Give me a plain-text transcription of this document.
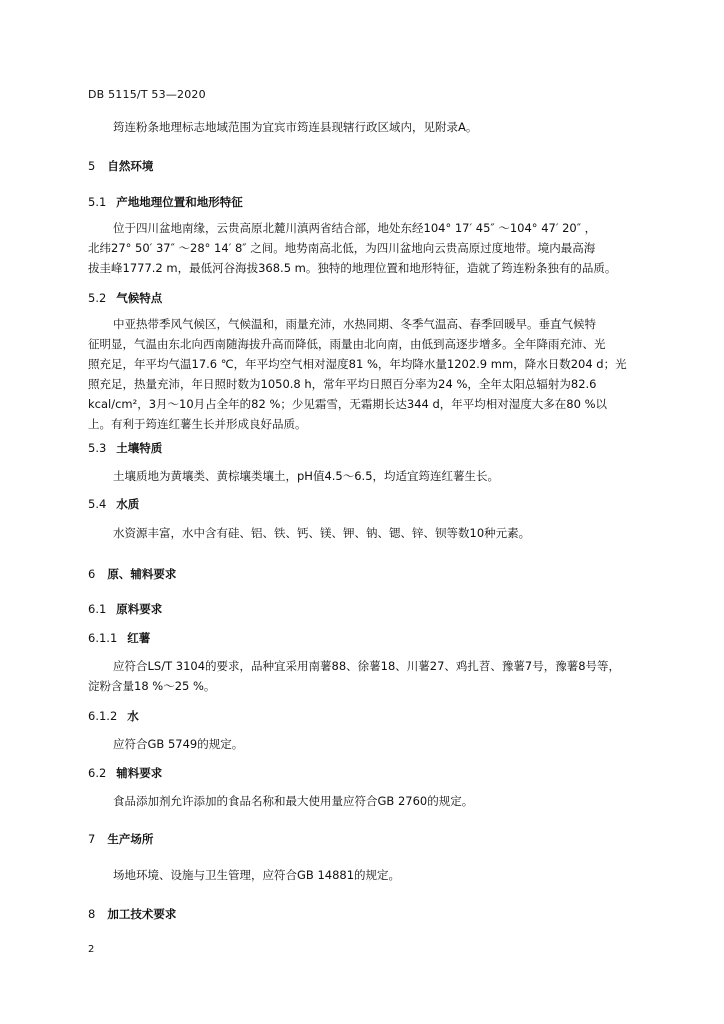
DB 5115/T 53—2020
筠连粉条地理标志地域范围为宜宾市筠连县现辖行政区域内，见附录A。
5 自然环境
5.1 产地地理位置和地形特征
位于四川盆地南缘，云贵高原北麓川滇两省结合部，地处东经104° 17′ 45″ ～104° 47′ 20″ ，
北纬27° 50′ 37″ ～28° 14′ 8″ 之间。地势南高北低，为四川盆地向云贵高原过度地带。境内最高海
拔圭峰1777.2 m，最低河谷海拔368.5 m。独特的地理位置和地形特征，造就了筠连粉条独有的品质。
5.2 气候特点
中亚热带季风气候区，气候温和，雨量充沛，水热同期、冬季气温高、春季回暖早。垂直气候特
征明显，气温由东北向西南随海拔升高而降低，雨量由北向南，由低到高逐步增多。全年降雨充沛、光
照充足，年平均气温17.6 ℃，年平均空气相对湿度81 %，年均降水量1202.9 mm，降水日数204 d；光
照充足，热量充沛，年日照时数为1050.8 h，常年平均日照百分率为24 %，全年太阳总辐射为82.6
kcal/cm²，3月～10月占全年的82 %；少见霜雪，无霜期长达344 d，年平均相对湿度大多在80 %以
上。有利于筠连红薯生长并形成良好品质。
5.3 土壤特质
土壤质地为黄壤类、黄棕壤类壤土，pH值4.5～6.5，均适宜筠连红薯生长。
5.4 水质
水资源丰富，水中含有硅、铝、铁、钙、镁、钾、钠、锶、锌、钡等数10种元素。
6 原、辅料要求
6.1 原料要求
6.1.1 红薯
应符合LS/T 3104的要求，品种宜采用南薯88、徐薯18、川薯27、鸡扎苕、豫薯7号，豫薯8号等，
淀粉含量18 %～25 %。
6.1.2 水
应符合GB 5749的规定。
6.2 辅料要求
食品添加剂允许添加的食品名称和最大使用量应符合GB 2760的规定。
7 生产场所
场地环境、设施与卫生管理，应符合GB 14881的规定。
8 加工技术要求
2
